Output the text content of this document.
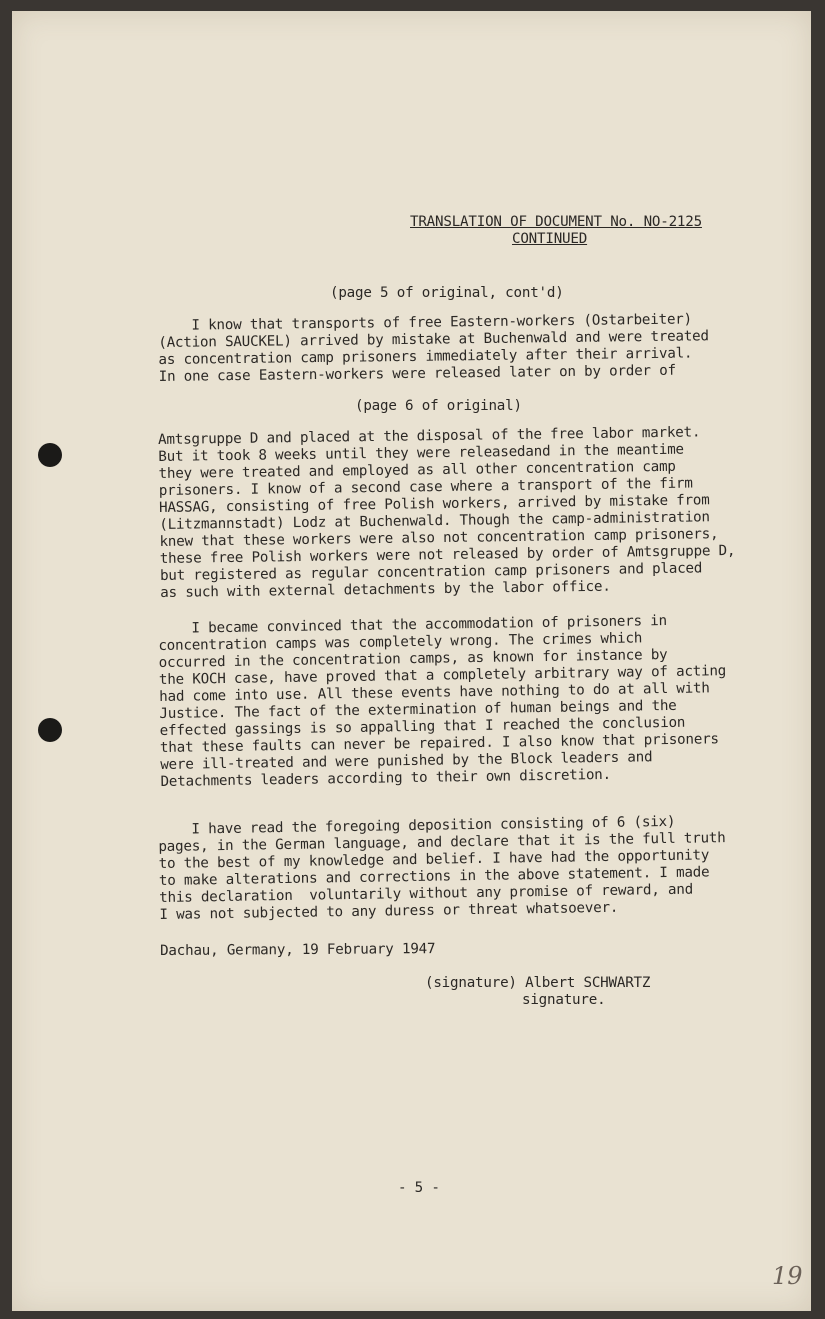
TRANSLATION OF DOCUMENT No. NO-2125
CONTINUED
(page 5 of original, cont'd)
I know that transports of free Eastern-workers (Ostarbeiter)
(Action SAUCKEL) arrived by mistake at Buchenwald and were treated
as concentration camp prisoners immediately after their arrival.
In one case Eastern-workers were released later on by order of
(page 6 of original)
Amtsgruppe D and placed at the disposal of the free labor market.
But it took 8 weeks until they were releasedand in the meantime
they were treated and employed as all other concentration camp
prisoners. I know of a second case where a transport of the firm
HASSAG, consisting of free Polish workers, arrived by mistake from
(Litzmannstadt) Lodz at Buchenwald. Though the camp-administration
knew that these workers were also not concentration camp prisoners,
these free Polish workers were not released by order of Amtsgruppe D,
but registered as regular concentration camp prisoners and placed
as such with external detachments by the labor office.
I became convinced that the accommodation of prisoners in
concentration camps was completely wrong. The crimes which
occurred in the concentration camps, as known for instance by
the KOCH case, have proved that a completely arbitrary way of acting
had come into use. All these events have nothing to do at all with
Justice. The fact of the extermination of human beings and the
effected gassings is so appalling that I reached the conclusion
that these faults can never be repaired. I also know that prisoners
were ill-treated and were punished by the Block leaders and
Detachments leaders according to their own discretion.
I have read the foregoing deposition consisting of 6 (six)
pages, in the German language, and declare that it is the full truth
to the best of my knowledge and belief. I have had the opportunity
to make alterations and corrections in the above statement. I made
this declaration  voluntarily without any promise of reward, and
I was not subjected to any duress or threat whatsoever.
Dachau, Germany, 19 February 1947
(signature) Albert SCHWARTZ
signature.
- 5 -
19
